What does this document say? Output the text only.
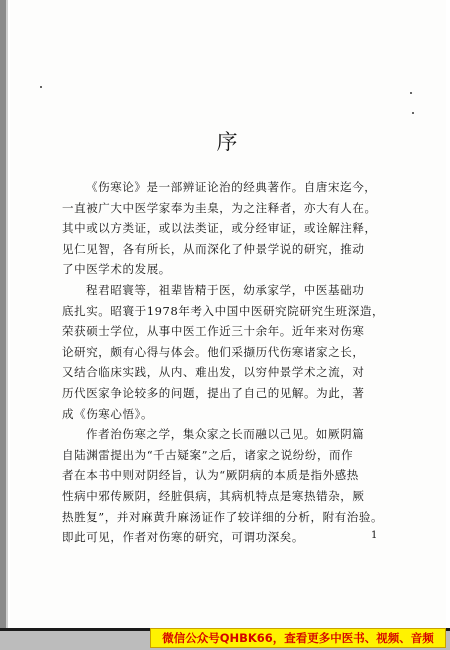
序

《伤寒论》是一部辨证论治的经典著作。自唐宋迄今，

一直被广大中医学家奉为圭臬，为之注释者，亦大有人在。

其中或以方类证，或以法类证，或分经审证，或诠解注释，

见仁见智，各有所长，从而深化了仲景学说的研究，推动

了中医学术的发展。

程君昭寰等，祖辈皆精于医，幼承家学，中医基础功

底扎实。昭寰于1978年考入中国中医研究院研究生班深造，

荣获硕士学位，从事中医工作近三十余年。近年来对伤寒

论研究，颇有心得与体会。他们采撷历代伤寒诸家之长，

又结合临床实践，从内、难出发，以穷仲景学术之流，对

历代医家争论较多的问题，提出了自己的见解。为此，著

成《伤寒心悟》。

作者治伤寒之学，集众家之长而融以己见。如厥阴篇

自陆渊雷提出为“千古疑案”之后，诸家之说纷纷，而作

者在本书中则对阴经旨，认为“厥阴病的本质是指外感热

性病中邪传厥阴，经脏俱病，其病机特点是寒热错杂，厥

热胜复”，并对麻黄升麻汤证作了较详细的分析，附有治验。

即此可见，作者对伤寒的研究，可谓功深矣。	1
微信公众号QHBK66，查看更多中医书、视频、音频
